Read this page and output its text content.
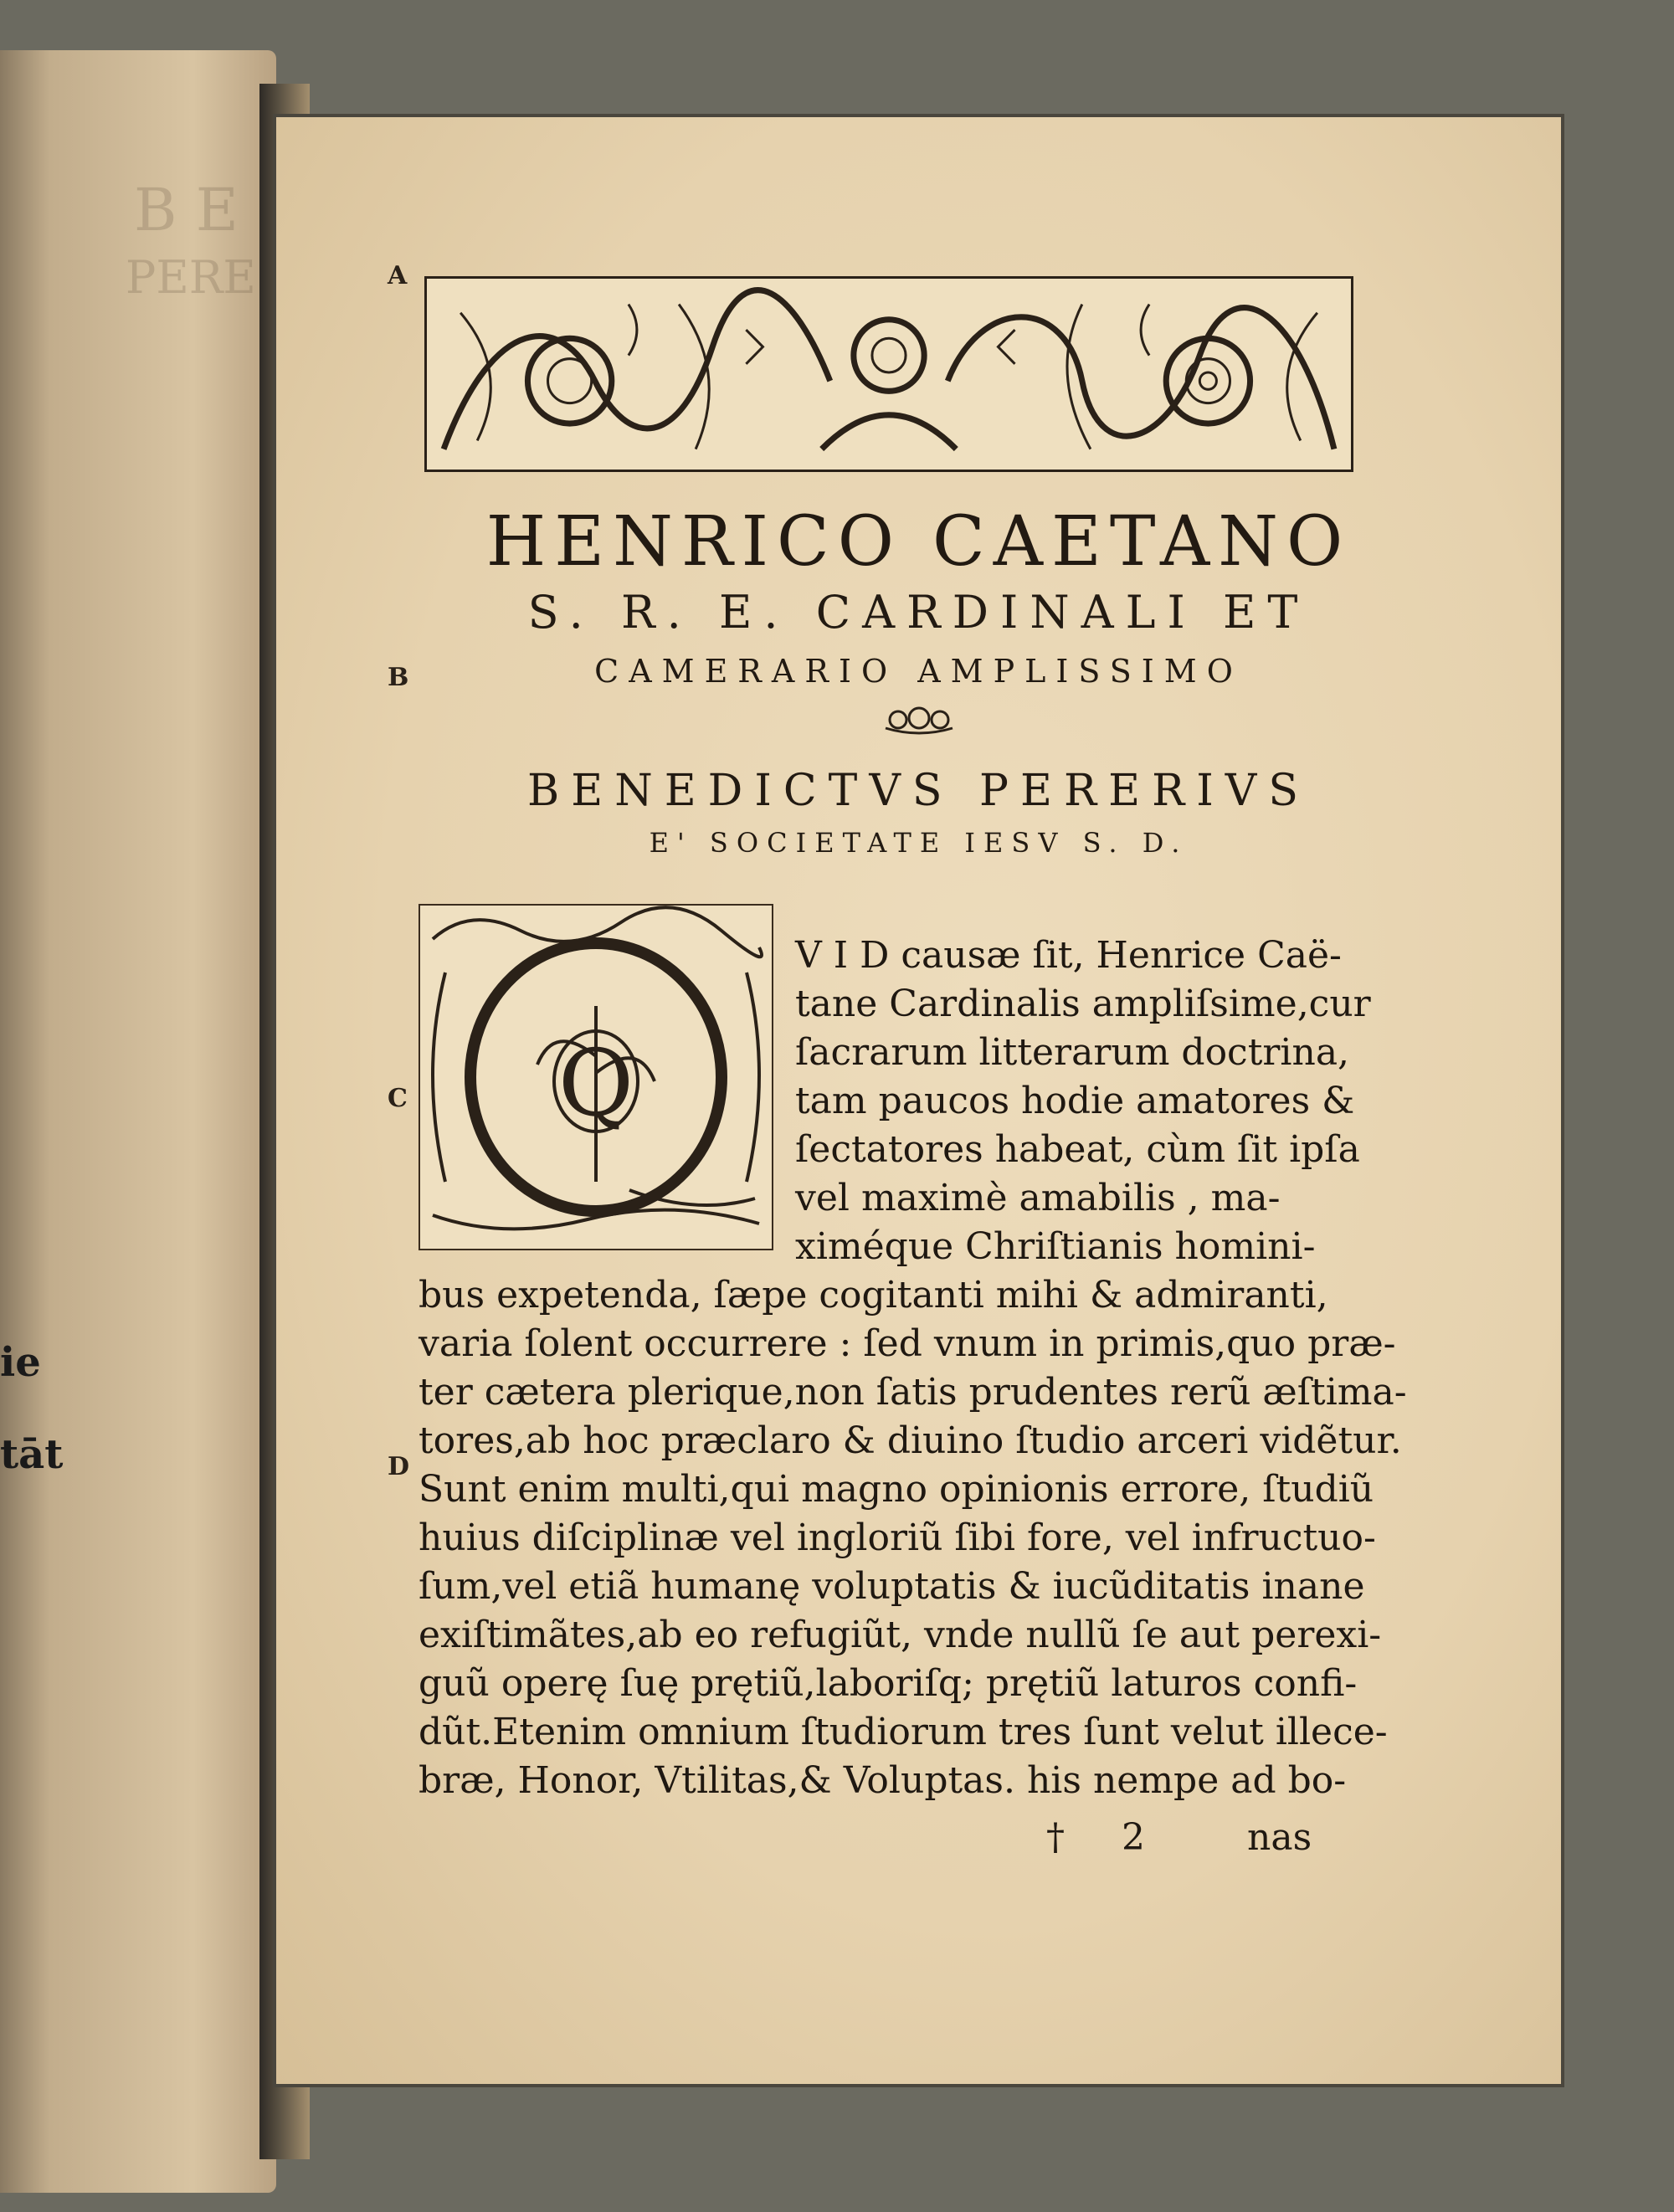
B E
PERE
ie
tāt
A
B
C
D
HENRICO CAETANO
S. R. E. CARDINALI ET
CAMERARIO AMPLISSIMO
BENEDICTVS PERERIVS
E' SOCIETATE IESV S. D.
Q
V I D causæ ſit, Henrice Caë-
tane Cardinalis ampliſsime,cur
ſacrarum litterarum doctrina,
tam paucos hodie amatores &
ſectatores habeat, cùm ſit ipſa
vel maximè amabilis , ma-
ximéque Chriſtianis homini-
bus expetenda, ſæpe cogitanti mihi & admiranti,
varia ſolent occurrere : ſed vnum in primis,quo præ-
ter cætera plerique,non ſatis prudentes rerũ æſtima-
tores,ab hoc præclaro & diuino ſtudio arceri vidẽtur.
Sunt enim multi,qui magno opinionis errore, ſtudiũ
huius diſciplinæ vel ingloriũ ſibi fore, vel infructuo-
ſum,vel etiã humanę voluptatis & iucũditatis inane
exiſtimãtes,ab eo refugiũt, vnde nullũ ſe aut perexi-
guũ operę ſuę prętiũ,laboriſq; prętiũ laturos confi-
dũt.Etenim omnium ſtudiorum tres ſunt velut illece-
bræ, Honor, Vtilitas,& Voluptas. his nempe ad bo-
† 2	nas
